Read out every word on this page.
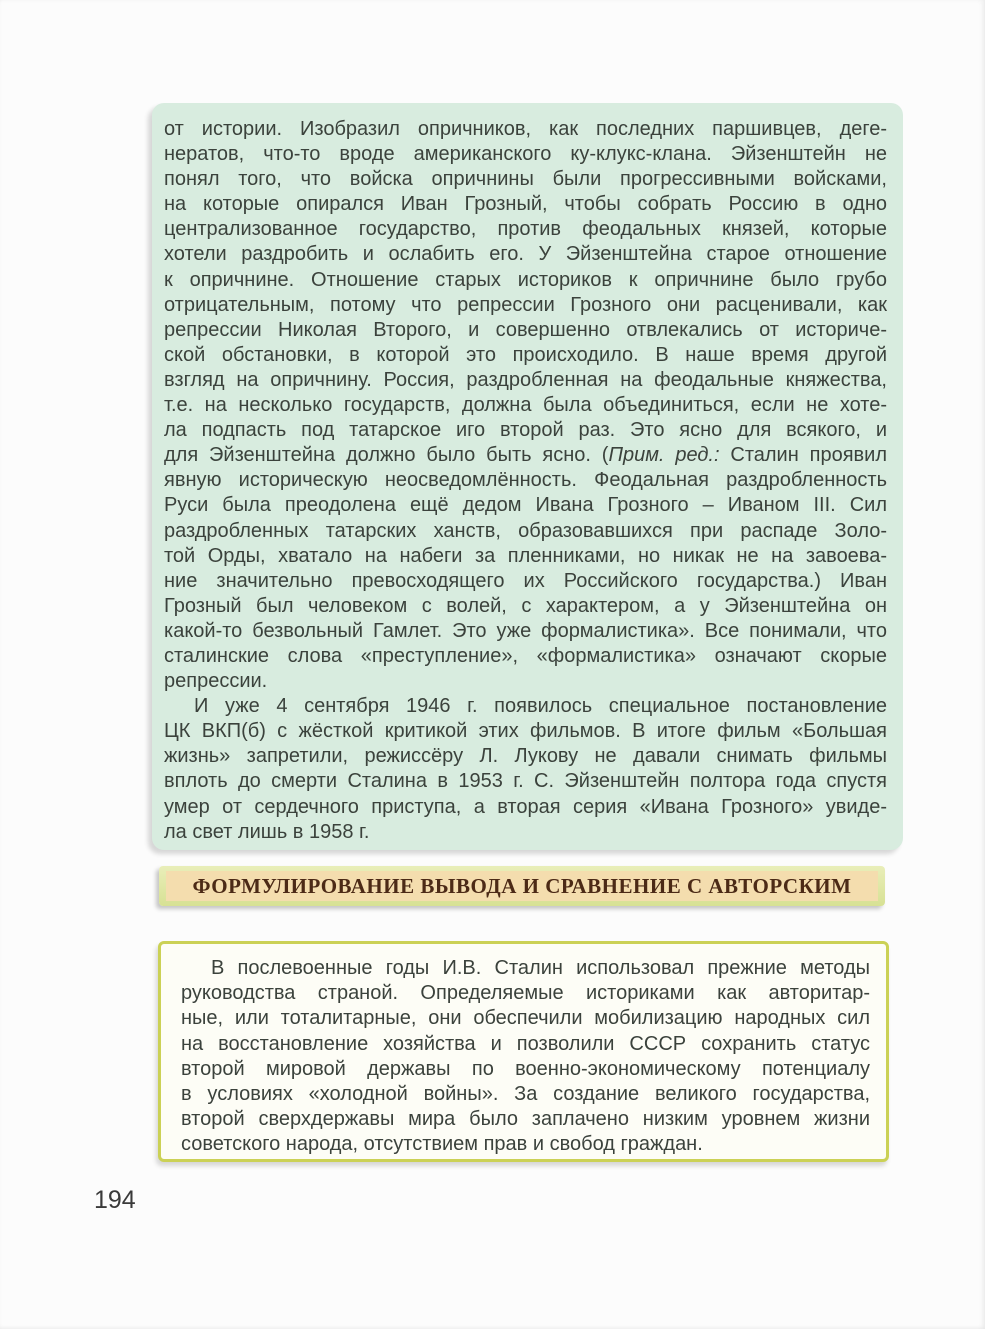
от истории. Изобразил опричников, как последних паршивцев, деге-
нератов, что-то вроде американского ку-клукс-клана. Эйзенштейн не
понял того, что войска опричнины были прогрессивными войсками,
на которые опирался Иван Грозный, чтобы собрать Россию в одно
централизованное государство, против феодальных князей, которые
хотели раздробить и ослабить его. У Эйзенштейна старое отношение
к опричнине. Отношение старых историков к опричнине было грубо
отрицательным, потому что репрессии Грозного они расценивали, как
репрессии Николая Второго, и совершенно отвлекались от историче-
ской обстановки, в которой это происходило. В наше время другой
взгляд на опричнину. Россия, раздробленная на феодальные княжества,
т.е. на несколько государств, должна была объединиться, если не хоте-
ла подпасть под татарское иго второй раз. Это ясно для всякого, и
для Эйзенштейна должно было быть ясно. (Прим. ред.: Сталин проявил
явную историческую неосведомлённость. Феодальная раздробленность
Руси была преодолена ещё дедом Ивана Грозного – Иваном III. Сил
раздробленных татарских ханств, образовавшихся при распаде Золо-
той Орды, хватало на набеги за пленниками, но никак не на завоева-
ние значительно превосходящего их Российского государства.) Иван
Грозный был человеком с волей, с характером, а у Эйзенштейна он
какой-то безвольный Гамлет. Это уже формалистика». Все понимали, что
сталинские слова «преступление», «формалистика» означают скорые
репрессии.
И уже 4 сентября 1946 г. появилось специальное постановление
ЦК ВКП(б) с жёсткой критикой этих фильмов. В итоге фильм «Большая
жизнь» запретили, режиссёру Л. Лукову не давали снимать фильмы
вплоть до смерти Сталина в 1953 г. С. Эйзенштейн полтора года спустя
умер от сердечного приступа, а вторая серия «Ивана Грозного» увиде-
ла свет лишь в 1958 г.
ФОРМУЛИРОВАНИЕ ВЫВОДА И СРАВНЕНИЕ С АВТОРСКИМ
В послевоенные годы И.В. Сталин использовал прежние методы
руководства страной. Определяемые историками как авторитар-
ные, или тоталитарные, они обеспечили мобилизацию народных сил
на восстановление хозяйства и позволили СССР сохранить статус
второй мировой державы по военно-экономическому потенциалу
в условиях «холодной войны». За создание великого государства,
второй сверхдержавы мира было заплачено низким уровнем жизни
советского народа, отсутствием прав и свобод граждан.
194
